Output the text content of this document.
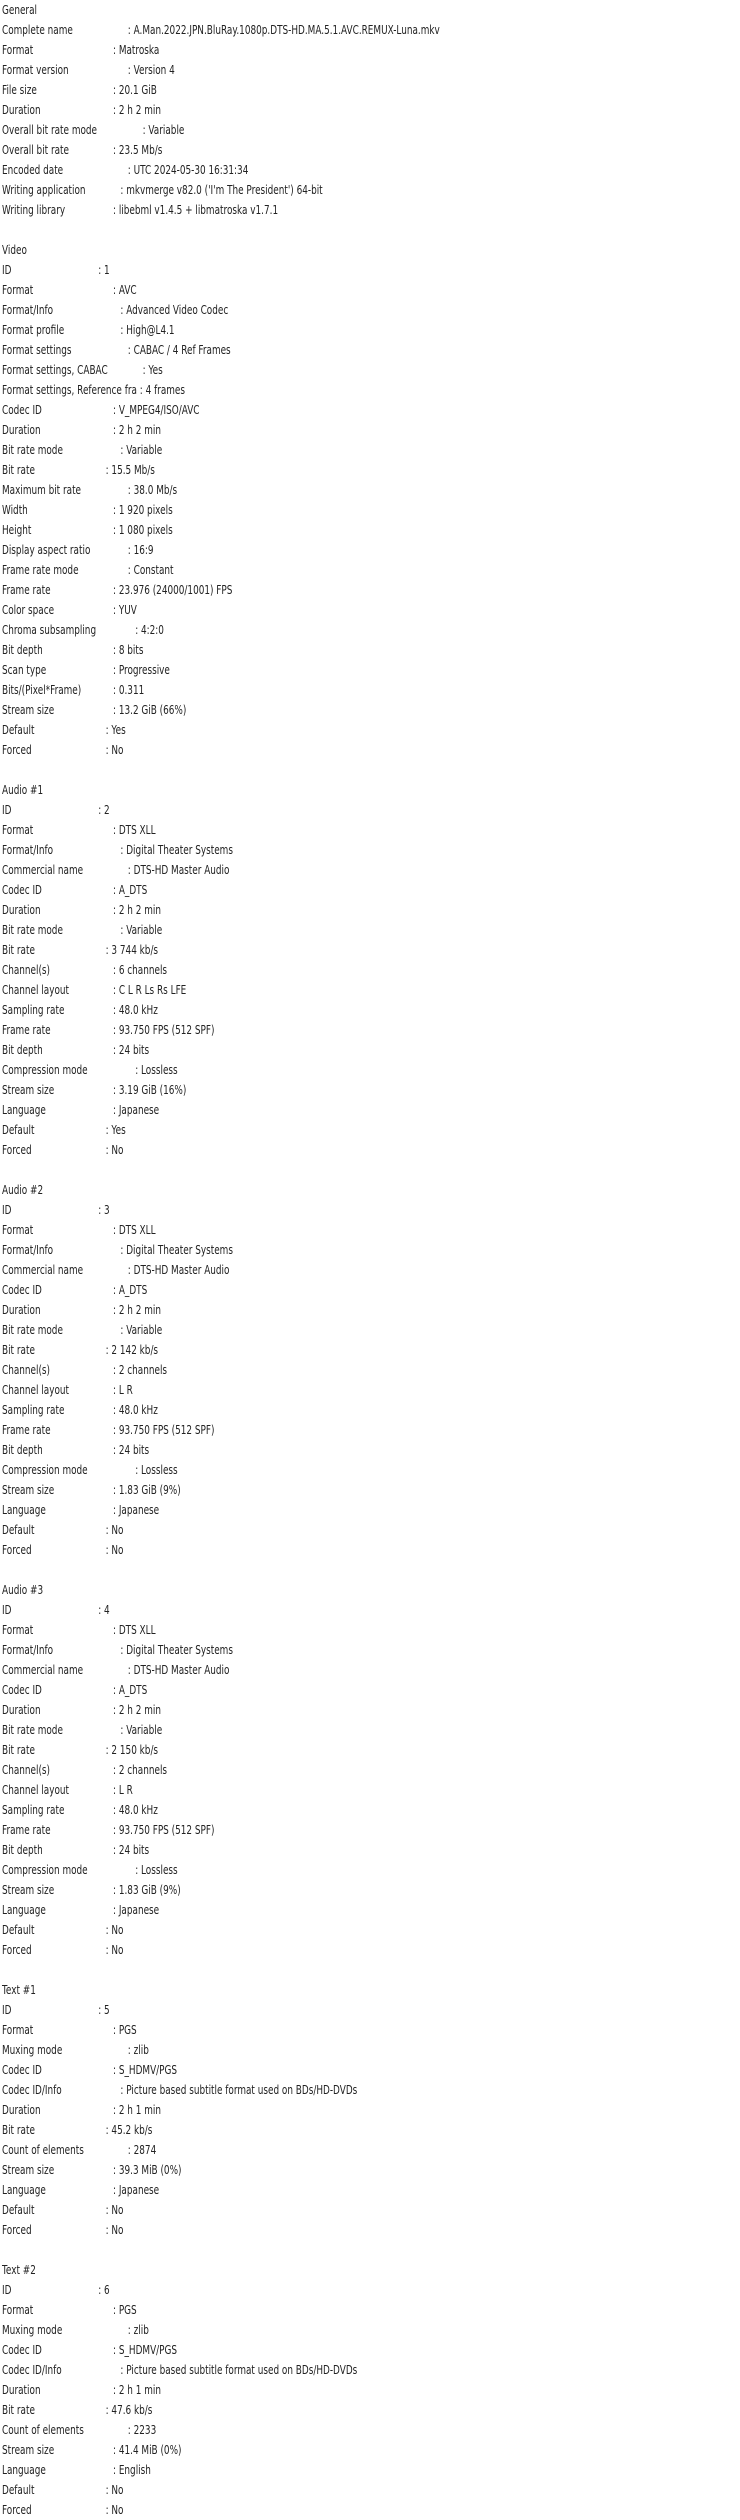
General
Complete name	: A.Man.2022.JPN.BluRay.1080p.DTS-HD.MA.5.1.AVC.REMUX-Luna.mkv
Format	: Matroska
Format version	: Version 4
File size	: 20.1 GiB
Duration	: 2 h 2 min
Overall bit rate mode	: Variable
Overall bit rate	: 23.5 Mb/s
Encoded date	: UTC 2024-05-30 16:31:34
Writing application	: mkvmerge v82.0 ('I'm The President') 64-bit
Writing library	: libebml v1.4.5 + libmatroska v1.7.1
Video
ID	: 1
Format	: AVC
Format/Info	: Advanced Video Codec
Format profile	: High@L4.1
Format settings	: CABAC / 4 Ref Frames
Format settings, CABAC	: Yes
Format settings, Reference fra : 4 frames
Codec ID	: V_MPEG4/ISO/AVC
Duration	: 2 h 2 min
Bit rate mode	: Variable
Bit rate	: 15.5 Mb/s
Maximum bit rate	: 38.0 Mb/s
Width	: 1 920 pixels
Height	: 1 080 pixels
Display aspect ratio	: 16:9
Frame rate mode	: Constant
Frame rate	: 23.976 (24000/1001) FPS
Color space	: YUV
Chroma subsampling	: 4:2:0
Bit depth	: 8 bits
Scan type	: Progressive
Bits/(Pixel*Frame)	: 0.311
Stream size	: 13.2 GiB (66%)
Default	: Yes
Forced	: No
Audio #1
ID	: 2
Format	: DTS XLL
Format/Info	: Digital Theater Systems
Commercial name	: DTS-HD Master Audio
Codec ID	: A_DTS
Duration	: 2 h 2 min
Bit rate mode	: Variable
Bit rate	: 3 744 kb/s
Channel(s)	: 6 channels
Channel layout	: C L R Ls Rs LFE
Sampling rate	: 48.0 kHz
Frame rate	: 93.750 FPS (512 SPF)
Bit depth	: 24 bits
Compression mode	: Lossless
Stream size	: 3.19 GiB (16%)
Language	: Japanese
Default	: Yes
Forced	: No
Audio #2
ID	: 3
Format	: DTS XLL
Format/Info	: Digital Theater Systems
Commercial name	: DTS-HD Master Audio
Codec ID	: A_DTS
Duration	: 2 h 2 min
Bit rate mode	: Variable
Bit rate	: 2 142 kb/s
Channel(s)	: 2 channels
Channel layout	: L R
Sampling rate	: 48.0 kHz
Frame rate	: 93.750 FPS (512 SPF)
Bit depth	: 24 bits
Compression mode	: Lossless
Stream size	: 1.83 GiB (9%)
Language	: Japanese
Default	: No
Forced	: No
Audio #3
ID	: 4
Format	: DTS XLL
Format/Info	: Digital Theater Systems
Commercial name	: DTS-HD Master Audio
Codec ID	: A_DTS
Duration	: 2 h 2 min
Bit rate mode	: Variable
Bit rate	: 2 150 kb/s
Channel(s)	: 2 channels
Channel layout	: L R
Sampling rate	: 48.0 kHz
Frame rate	: 93.750 FPS (512 SPF)
Bit depth	: 24 bits
Compression mode	: Lossless
Stream size	: 1.83 GiB (9%)
Language	: Japanese
Default	: No
Forced	: No
Text #1
ID	: 5
Format	: PGS
Muxing mode	: zlib
Codec ID	: S_HDMV/PGS
Codec ID/Info	: Picture based subtitle format used on BDs/HD-DVDs
Duration	: 2 h 1 min
Bit rate	: 45.2 kb/s
Count of elements	: 2874
Stream size	: 39.3 MiB (0%)
Language	: Japanese
Default	: No
Forced	: No
Text #2
ID	: 6
Format	: PGS
Muxing mode	: zlib
Codec ID	: S_HDMV/PGS
Codec ID/Info	: Picture based subtitle format used on BDs/HD-DVDs
Duration	: 2 h 1 min
Bit rate	: 47.6 kb/s
Count of elements	: 2233
Stream size	: 41.4 MiB (0%)
Language	: English
Default	: No
Forced	: No
